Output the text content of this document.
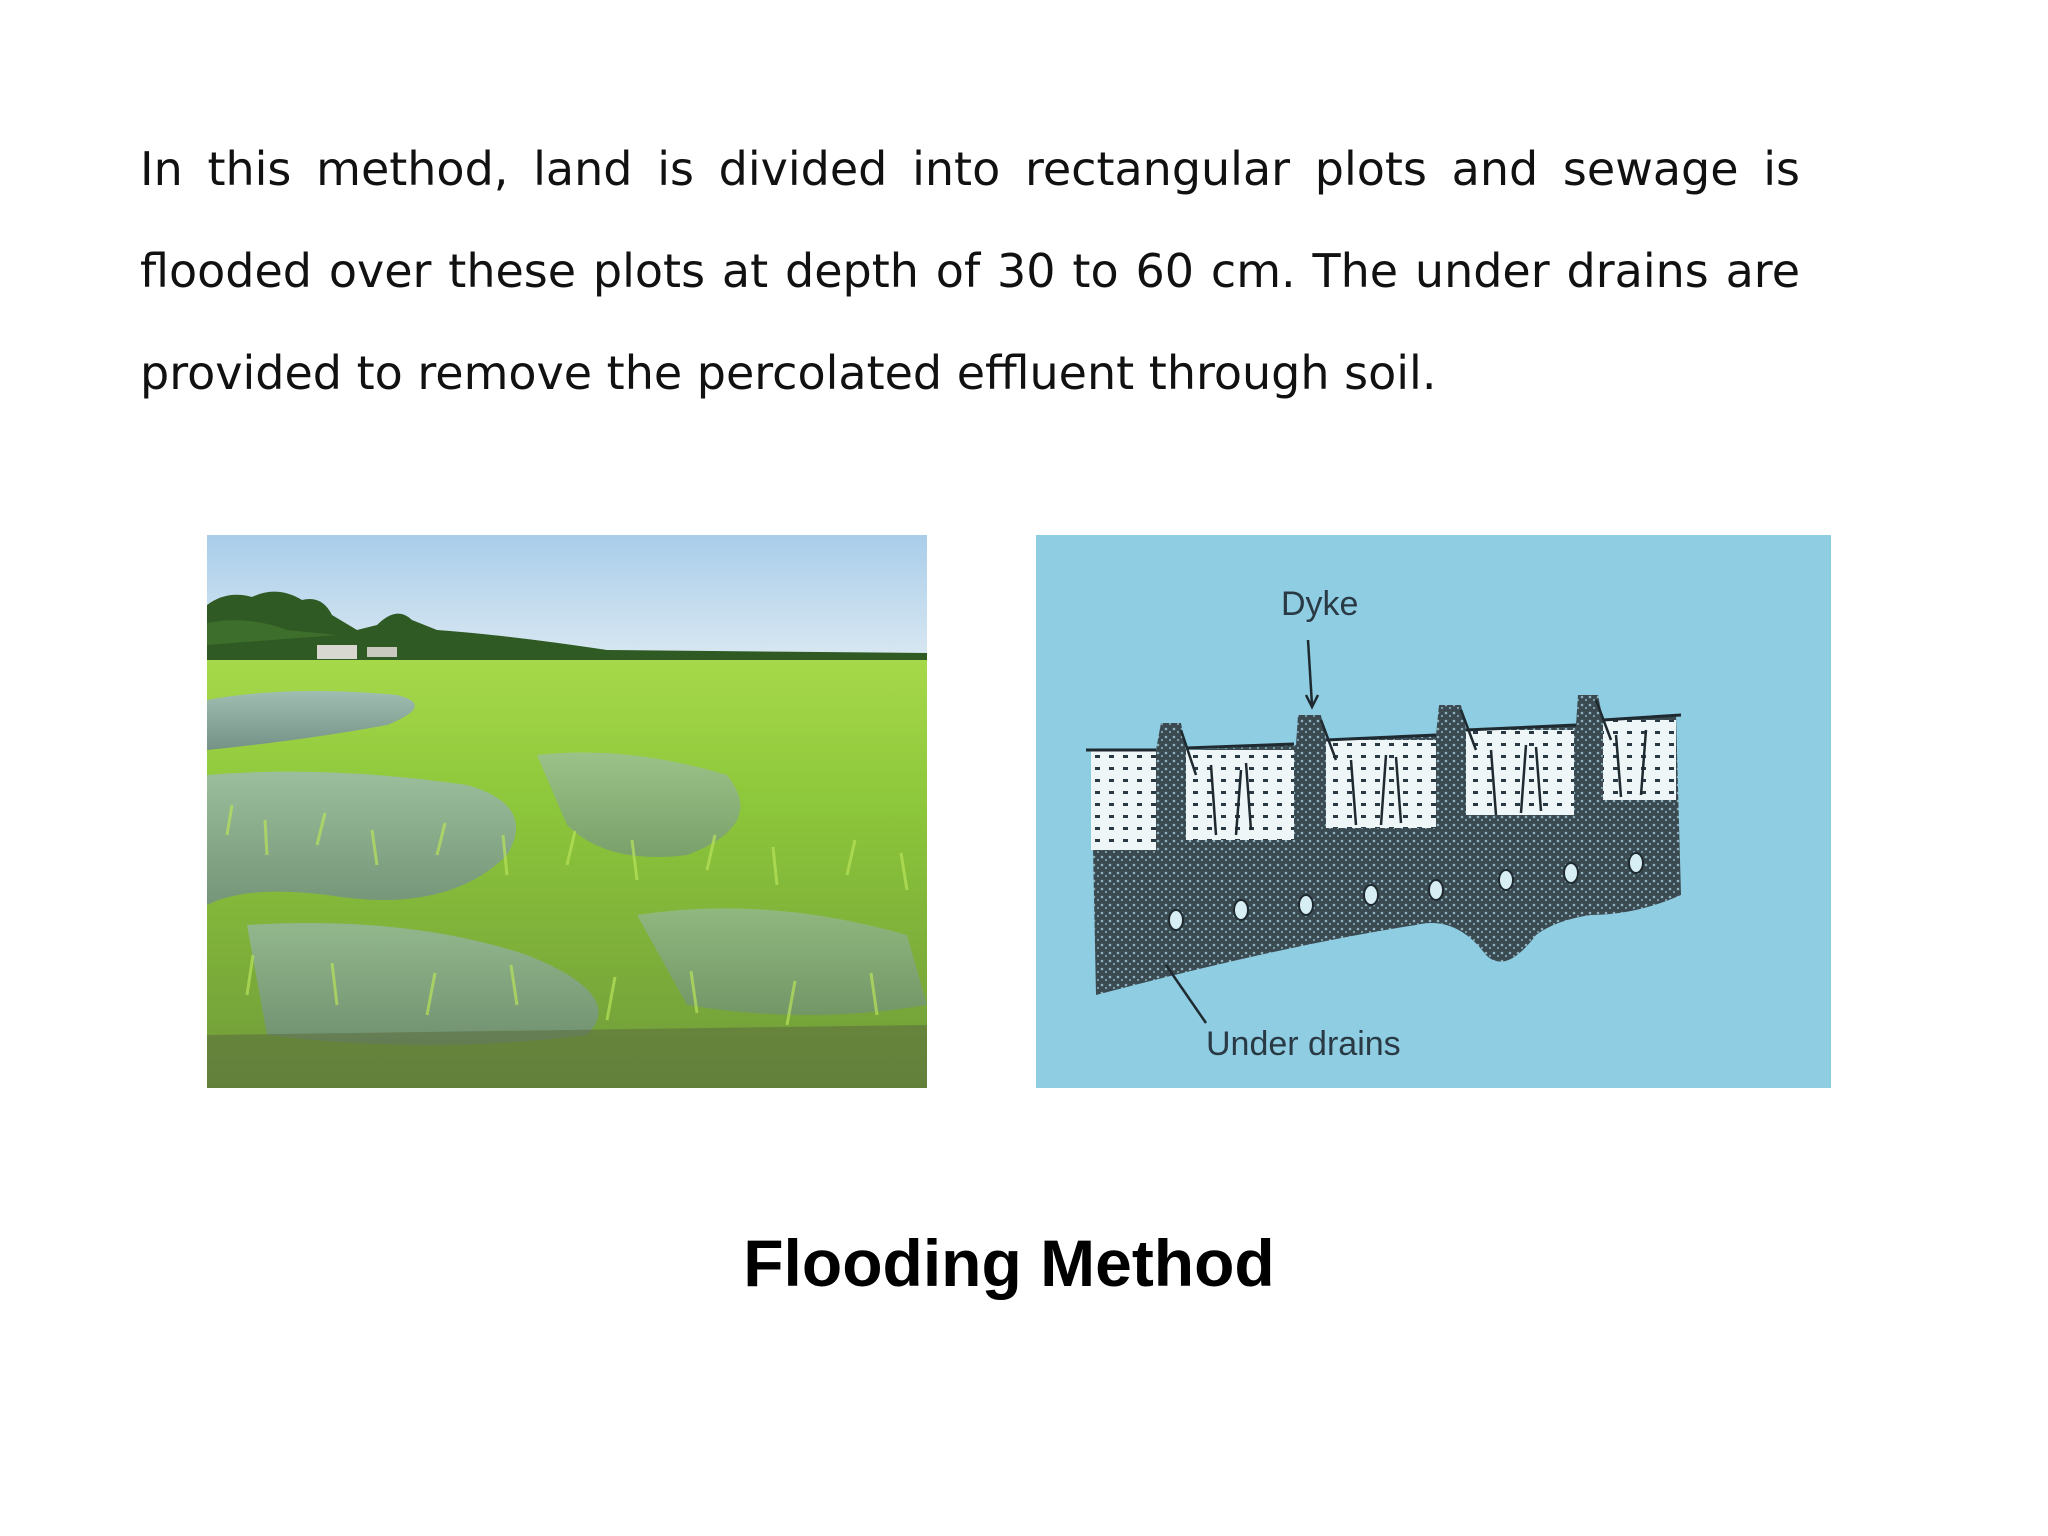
In this method, land is divided into rectangular plots and sewage is flooded over these plots at depth of 30 to 60 cm. The under drains are provided to remove the percolated effluent through soil.

Dyke
Under drains
Flooding Method
